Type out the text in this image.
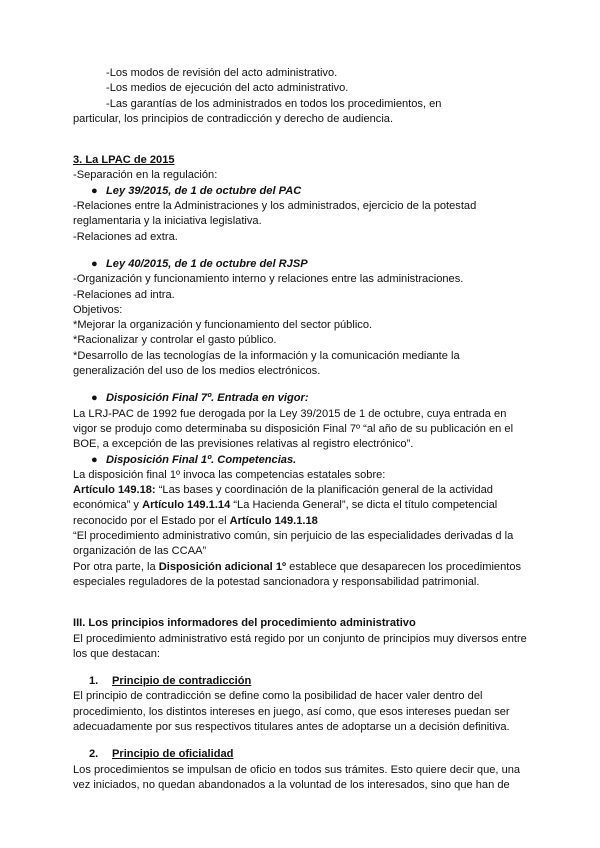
-Los modos de revisión del acto administrativo.

-Los medios de ejecución del acto administrativo.

-Las garantías de los administrados en todos los procedimientos, en

particular, los principios de contradicción y derecho de audiencia.

3. La LPAC de 2015

-Separación en la regulación:

● Ley 39/2015, de 1 de octubre del PAC

-Relaciones entre la Administraciones y los administrados, ejercicio de la potestad

reglamentaria y la iniciativa legislativa.

-Relaciones ad extra.

● Ley 40/2015, de 1 de octubre del RJSP

-Organización y funcionamiento interno y relaciones entre las administraciones.

-Relaciones ad intra.

Objetivos:

*Mejorar la organización y funcionamiento del sector público.

*Racionalizar y controlar el gasto público.

*Desarrollo de las tecnologías de la información y la comunicación mediante la

generalización del uso de los medios electrónicos.

● Disposición Final 7º. Entrada en vigor:

La LRJ-PAC de 1992 fue derogada por la Ley 39/2015 de 1 de octubre, cuya entrada en

vigor se produjo como determinaba su disposición Final 7º “al año de su publicación en el

BOE, a excepción de las previsiones relativas al registro electrónico”.

● Disposición Final 1º. Competencias.

La disposición final 1º invoca las competencias estatales sobre:

Artículo 149.18: “Las bases y coordinación de la planificación general de la actividad

económica” y Artículo 149.1.14 “La Hacienda General”, se dicta el título competencial

reconocido por el Estado por el Artículo 149.1.18

“El procedimiento administrativo común, sin perjuicio de las especialidades derivadas d la

organización de las CCAA”

Por otra parte, la Disposición adicional 1º establece que desaparecen los procedimientos

especiales reguladores de la potestad sancionadora y responsabilidad patrimonial.

III. Los principios informadores del procedimiento administrativo

El procedimiento administrativo está regido por un conjunto de principios muy diversos entre

los que destacan:

1. Principio de contradicción

El principio de contradicción se define como la posibilidad de hacer valer dentro del

procedimiento, los distintos intereses en juego, así como, que esos intereses puedan ser

adecuadamente por sus respectivos titulares antes de adoptarse un a decisión definitiva.

2. Principio de oficialidad

Los procedimientos se impulsan de oficio en todos sus trámites. Esto quiere decir que, una

vez iniciados, no quedan abandonados a la voluntad de los interesados, sino que han de
